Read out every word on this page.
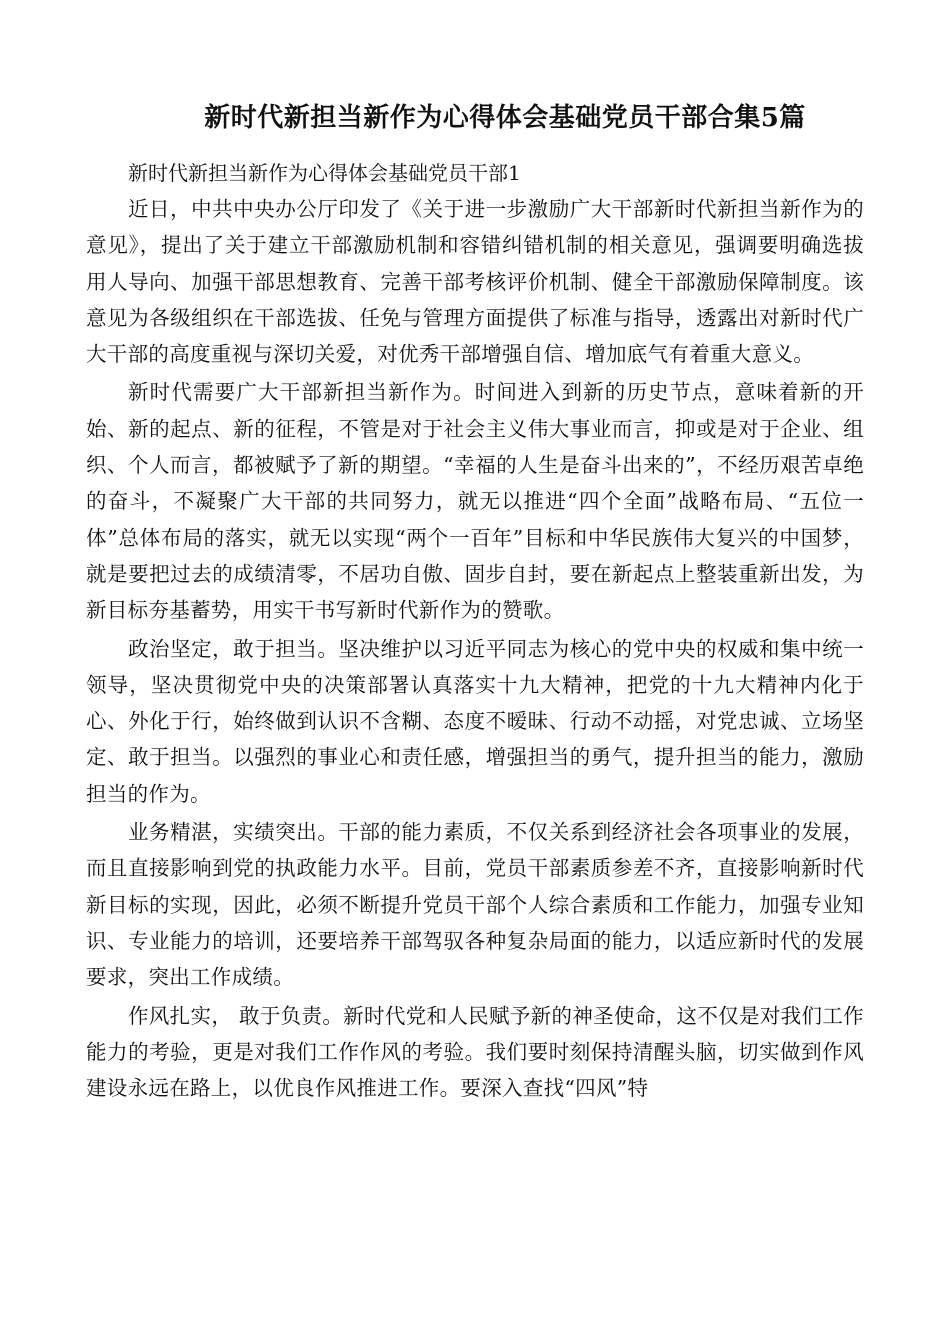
新时代新担当新作为心得体会基础党员干部合集5篇

新时代新担当新作为心得体会基础党员干部1

近日，中共中央办公厅印发了《关于进一步激励广大干部新时代新担当新作为的意见》，提出了关于建立干部激励机制和容错纠错机制的相关意见，强调要明确选拔用人导向、加强干部思想教育、完善干部考核评价机制、健全干部激励保障制度。该意见为各级组织在干部选拔、任免与管理方面提供了标准与指导，透露出对新时代广大干部的高度重视与深切关爱，对优秀干部增强自信、增加底气有着重大意义。

新时代需要广大干部新担当新作为。时间进入到新的历史节点，意味着新的开始、新的起点、新的征程，不管是对于社会主义伟大事业而言，抑或是对于企业、组织、个人而言，都被赋予了新的期望。“幸福的人生是奋斗出来的”，不经历艰苦卓绝的奋斗，不凝聚广大干部的共同努力，就无以推进“四个全面”战略布局、“五位一体”总体布局的落实，就无以实现“两个一百年”目标和中华民族伟大复兴的中国梦，就是要把过去的成绩清零，不居功自傲、固步自封，要在新起点上整装重新出发，为新目标夯基蓄势，用实干书写新时代新作为的赞歌。

政治坚定，敢于担当。坚决维护以习近平同志为核心的党中央的权威和集中统一领导，坚决贯彻党中央的决策部署认真落实十九大精神，把党的十九大精神内化于心、外化于行，始终做到认识不含糊、态度不暧昧、行动不动摇，对党忠诚、立场坚定、敢于担当。以强烈的事业心和责任感，增强担当的勇气，提升担当的能力，激励担当的作为。

业务精湛，实绩突出。干部的能力素质，不仅关系到经济社会各项事业的发展，而且直接影响到党的执政能力水平。目前，党员干部素质参差不齐，直接影响新时代新目标的实现，因此，必须不断提升党员干部个人综合素质和工作能力，加强专业知识、专业能力的培训，还要培养干部驾驭各种复杂局面的能力，以适应新时代的发展要求，突出工作成绩。

作风扎实， 敢于负责。新时代党和人民赋予新的神圣使命，这不仅是对我们工作能力的考验，更是对我们工作作风的考验。我们要时刻保持清醒头脑，切实做到作风建设永远在路上，以优良作风推进工作。要深入查找“四风”特
